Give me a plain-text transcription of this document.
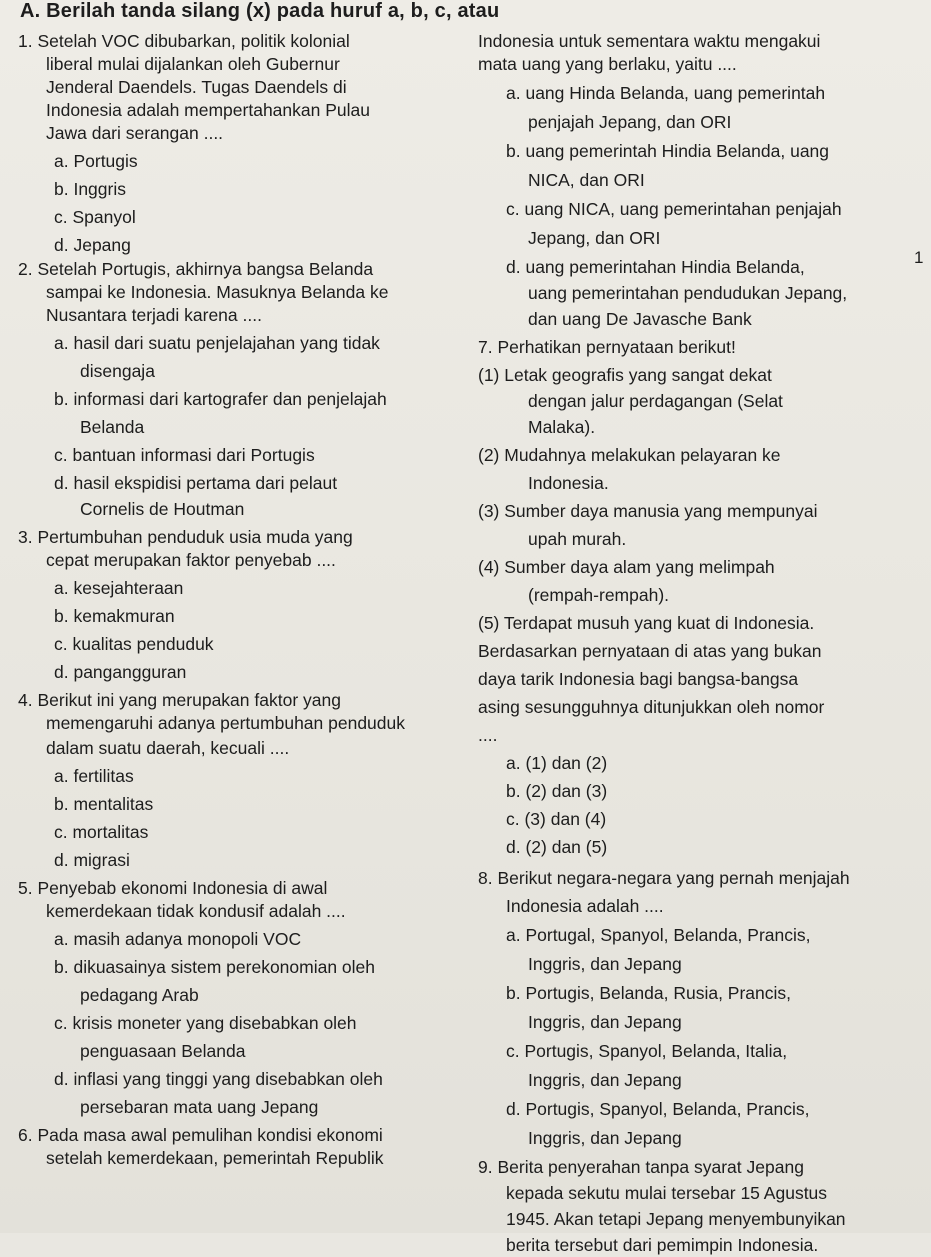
A. Berilah tanda silang (x) pada huruf a, b, c, atau
1. Setelah VOC dibubarkan, politik kolonial
liberal mulai dijalankan oleh Gubernur
Jenderal Daendels. Tugas Daendels di
Indonesia adalah mempertahankan Pulau
Jawa dari serangan ....
a. Portugis
b. Inggris
c. Spanyol
d. Jepang
2. Setelah Portugis, akhirnya bangsa Belanda
sampai ke Indonesia. Masuknya Belanda ke
Nusantara terjadi karena ....
a. hasil dari suatu penjelajahan yang tidak
disengaja
b. informasi dari kartografer dan penjelajah
Belanda
c. bantuan informasi dari Portugis
d. hasil ekspidisi pertama dari pelaut
Cornelis de Houtman
3. Pertumbuhan penduduk usia muda yang
cepat merupakan faktor penyebab ....
a. kesejahteraan
b. kemakmuran
c. kualitas penduduk
d. pangangguran
4. Berikut ini yang merupakan faktor yang
memengaruhi adanya pertumbuhan penduduk
dalam suatu daerah, kecuali ....
a. fertilitas
b. mentalitas
c. mortalitas
d. migrasi
5. Penyebab ekonomi Indonesia di awal
kemerdekaan tidak kondusif adalah ....
a. masih adanya monopoli VOC
b. dikuasainya sistem perekonomian oleh
pedagang Arab
c. krisis moneter yang disebabkan oleh
penguasaan Belanda
d. inflasi yang tinggi yang disebabkan oleh
persebaran mata uang Jepang
6. Pada masa awal pemulihan kondisi ekonomi
setelah kemerdekaan, pemerintah Republik
Indonesia untuk sementara waktu mengakui
mata uang yang berlaku, yaitu ....
a. uang Hinda Belanda, uang pemerintah
penjajah Jepang, dan ORI
b. uang pemerintah Hindia Belanda, uang
NICA, dan ORI
c. uang NICA, uang pemerintahan penjajah
Jepang, dan ORI
d. uang pemerintahan Hindia Belanda,
uang pemerintahan pendudukan Jepang,
dan uang De Javasche Bank
7. Perhatikan pernyataan berikut!
(1) Letak geografis yang sangat dekat
dengan jalur perdagangan (Selat
Malaka).
(2) Mudahnya melakukan pelayaran ke
Indonesia.
(3) Sumber daya manusia yang mempunyai
upah murah.
(4) Sumber daya alam yang melimpah
(rempah-rempah).
(5) Terdapat musuh yang kuat di Indonesia.
Berdasarkan pernyataan di atas yang bukan
daya tarik Indonesia bagi bangsa-bangsa
asing sesungguhnya ditunjukkan oleh nomor
....
a. (1) dan (2)
b. (2) dan (3)
c. (3) dan (4)
d. (2) dan (5)
8. Berikut negara-negara yang pernah menjajah
Indonesia adalah ....
a. Portugal, Spanyol, Belanda, Prancis,
Inggris, dan Jepang
b. Portugis, Belanda, Rusia, Prancis,
Inggris, dan Jepang
c. Portugis, Spanyol, Belanda, Italia,
Inggris, dan Jepang
d. Portugis, Spanyol, Belanda, Prancis,
Inggris, dan Jepang
9. Berita penyerahan tanpa syarat Jepang
kepada sekutu mulai tersebar 15 Agustus
1945. Akan tetapi Jepang menyembunyikan
berita tersebut dari pemimpin Indonesia.
1
